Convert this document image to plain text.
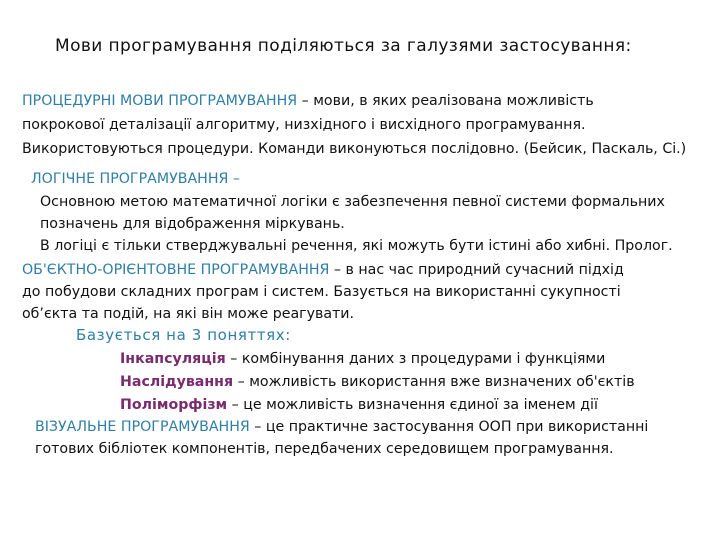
Мови програмування поділяються за галузями застосування:
ПРОЦЕДУРНІ МОВИ ПРОГРАМУВАННЯ – мови, в яких реалізована можливість
покрокової деталізації алгоритму, низхідного і висхідного програмування.
Використовуються процедури. Команди виконуються послідовно. (Бейсик, Паскаль, Сі.)
ЛОГІЧНЕ ПРОГРАМУВАННЯ –
Основною метою математичної логіки є забезпечення певної системи формальних
позначень для відображення міркувань.
В логіці є тільки стверджувальні речення, які можуть бути істині або хибні. Пролог.
ОБ'ЄКТНО-ОРІЄНТОВНЕ ПРОГРАМУВАННЯ – в нас час природний сучасний підхід
до побудови складних програм і систем. Базується на використанні сукупності
об’єкта та подій, на які він може реагувати.
Базується на 3 поняттях:
Інкапсуляція – комбінування даних з процедурами і функціями
Наслідування – можливість використання вже визначених об'єктів
Поліморфізм – це можливість визначення єдиної за іменем дії
ВІЗУАЛЬНЕ ПРОГРАМУВАННЯ – це практичне застосування ООП при використанні
готових бібліотек компонентів, передбачених середовищем програмування.
